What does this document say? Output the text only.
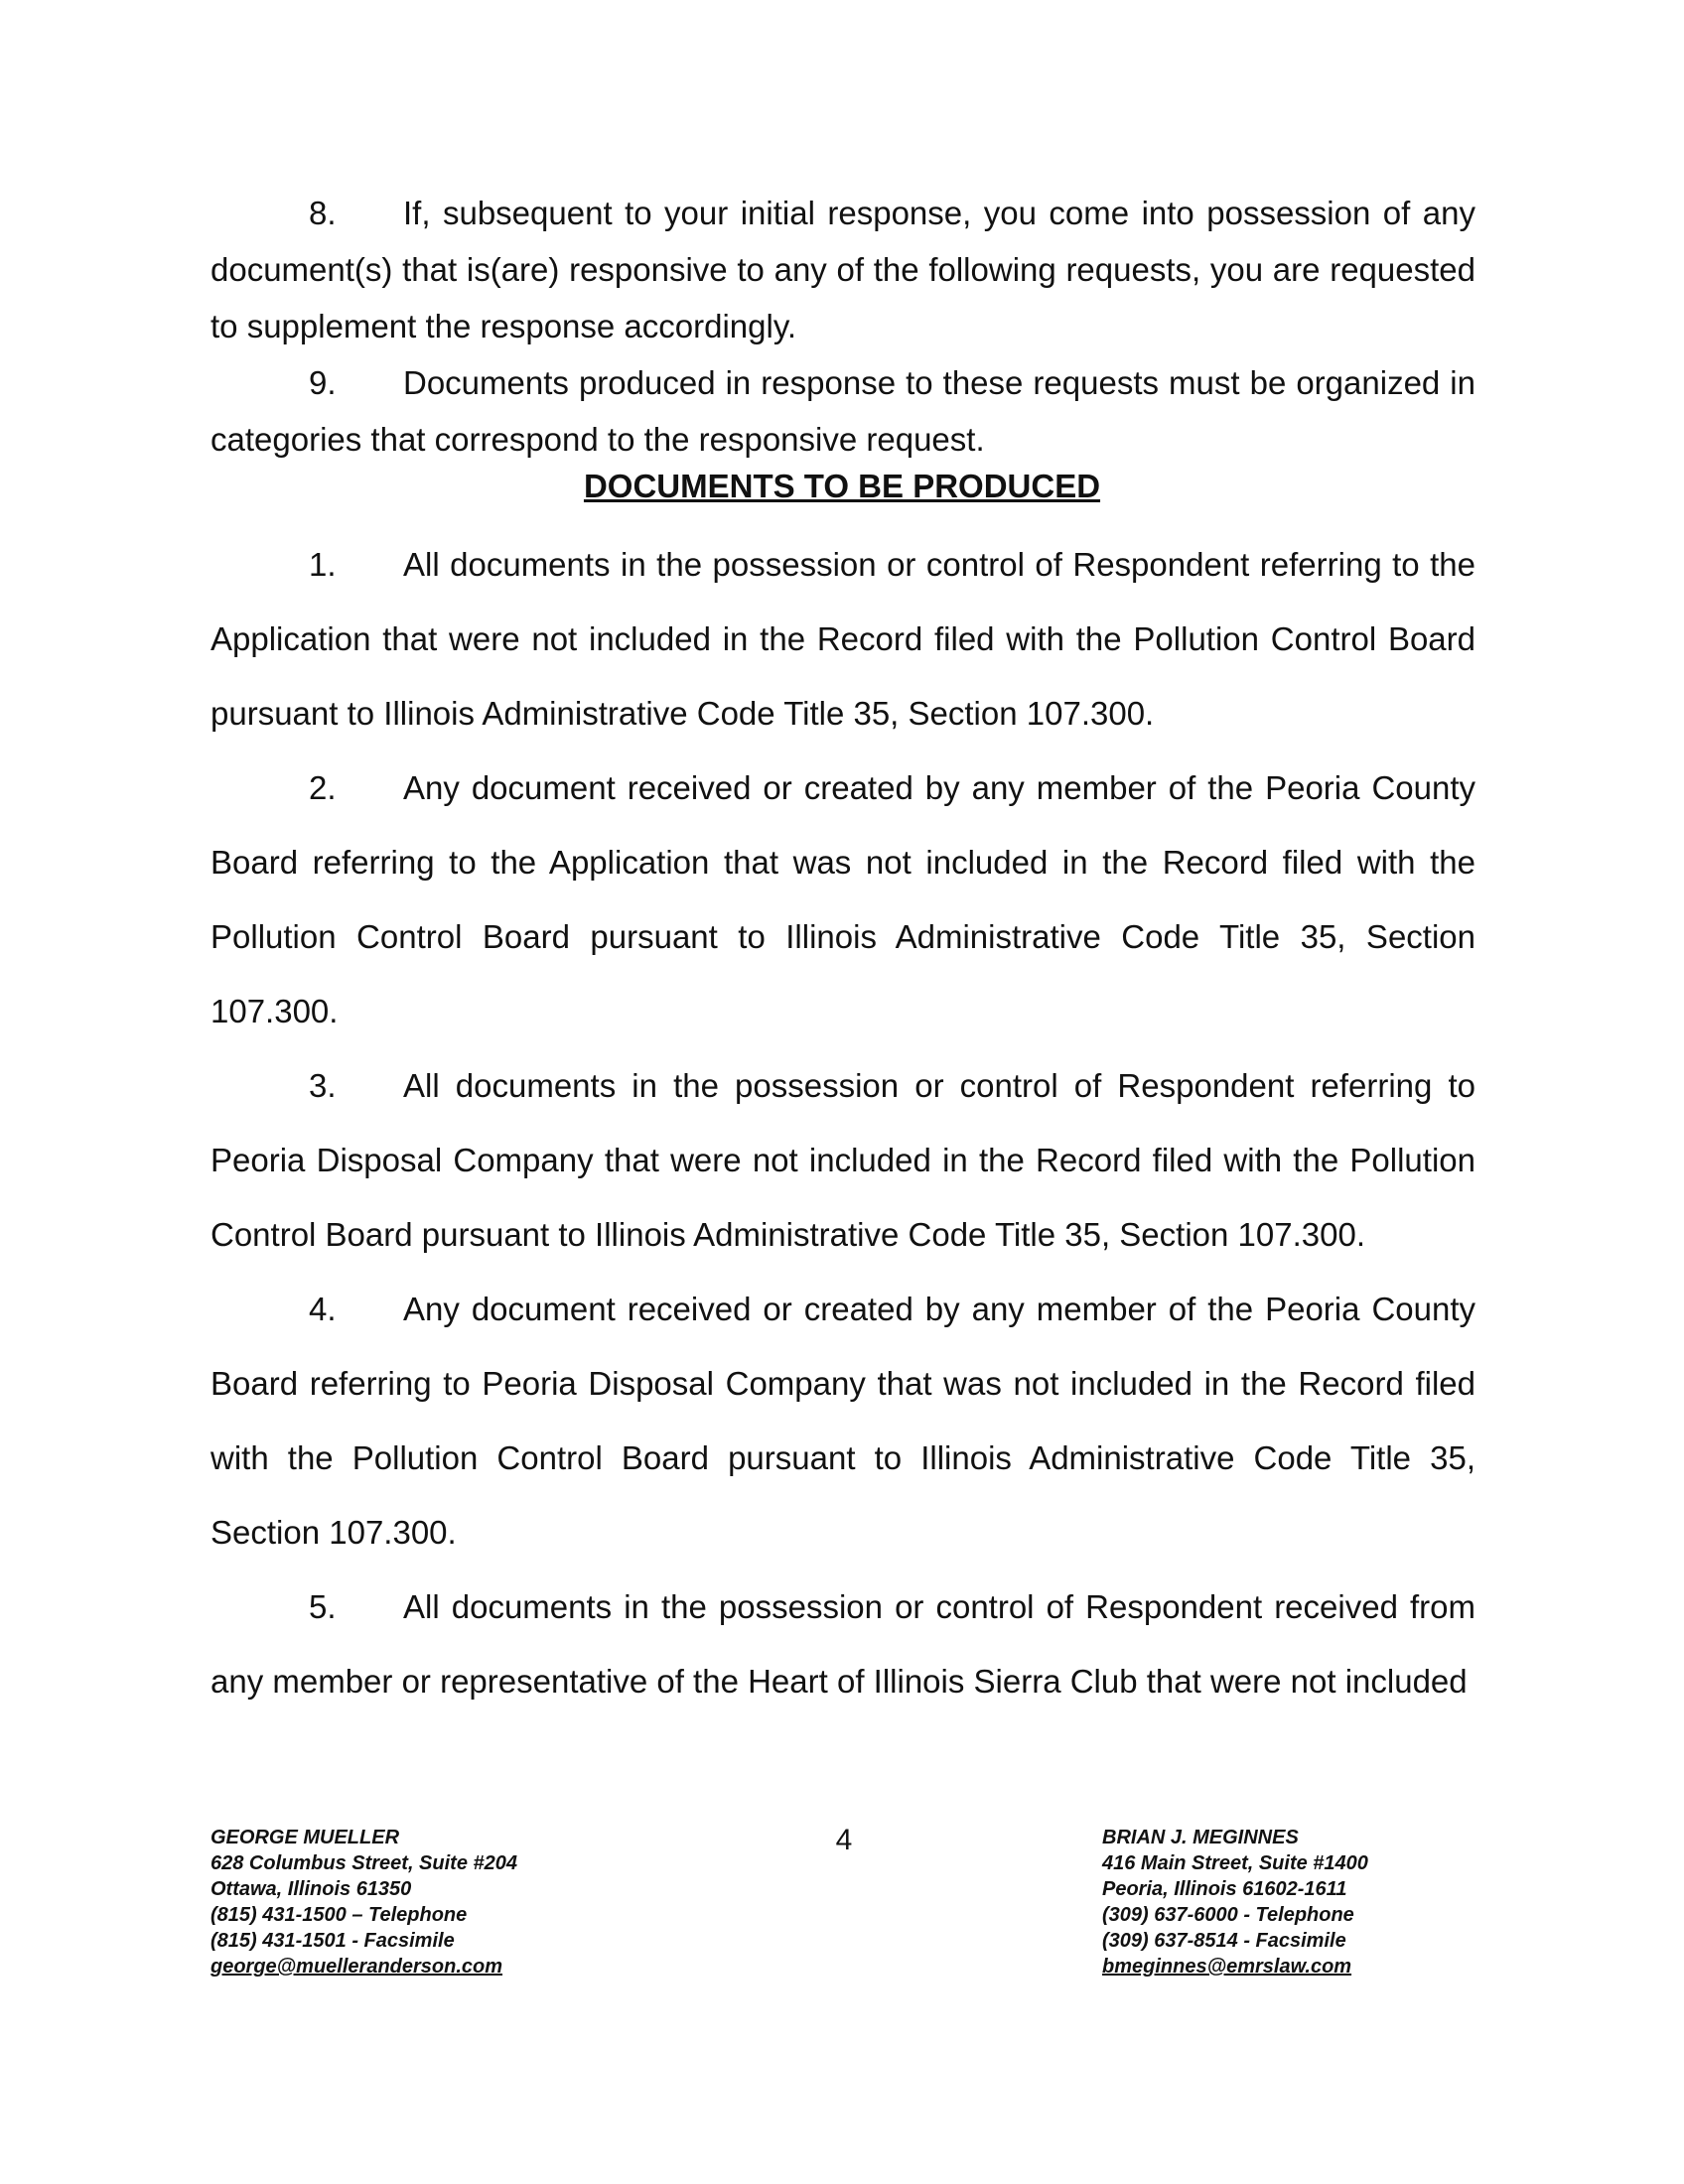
8. If, subsequent to your initial response, you come into possession of any document(s) that is(are) responsive to any of the following requests, you are requested to supplement the response accordingly.

9. Documents produced in response to these requests must be organized in categories that correspond to the responsive request.

DOCUMENTS TO BE PRODUCED

1. All documents in the possession or control of Respondent referring to the Application that were not included in the Record filed with the Pollution Control Board pursuant to Illinois Administrative Code Title 35, Section 107.300.

2. Any document received or created by any member of the Peoria County Board referring to the Application that was not included in the Record filed with the Pollution Control Board pursuant to Illinois Administrative Code Title 35, Section 107.300.

3. All documents in the possession or control of Respondent referring to Peoria Disposal Company that were not included in the Record filed with the Pollution Control Board pursuant to Illinois Administrative Code Title 35, Section 107.300.

4. Any document received or created by any member of the Peoria County Board referring to Peoria Disposal Company that was not included in the Record filed with the Pollution Control Board pursuant to Illinois Administrative Code Title 35, Section 107.300.

5. All documents in the possession or control of Respondent received from any member or representative of the Heart of Illinois Sierra Club that were not included

GEORGE MUELLER
628 Columbus Street, Suite #204
Ottawa, Illinois 61350
(815) 431-1500 – Telephone
(815) 431-1501 - Facsimile
george@muelleranderson.com
4	BRIAN J. MEGINNES
416 Main Street, Suite #1400
Peoria, Illinois 61602-1611
(309) 637-6000 - Telephone
(309) 637-8514 - Facsimile
bmeginnes@emrslaw.com
